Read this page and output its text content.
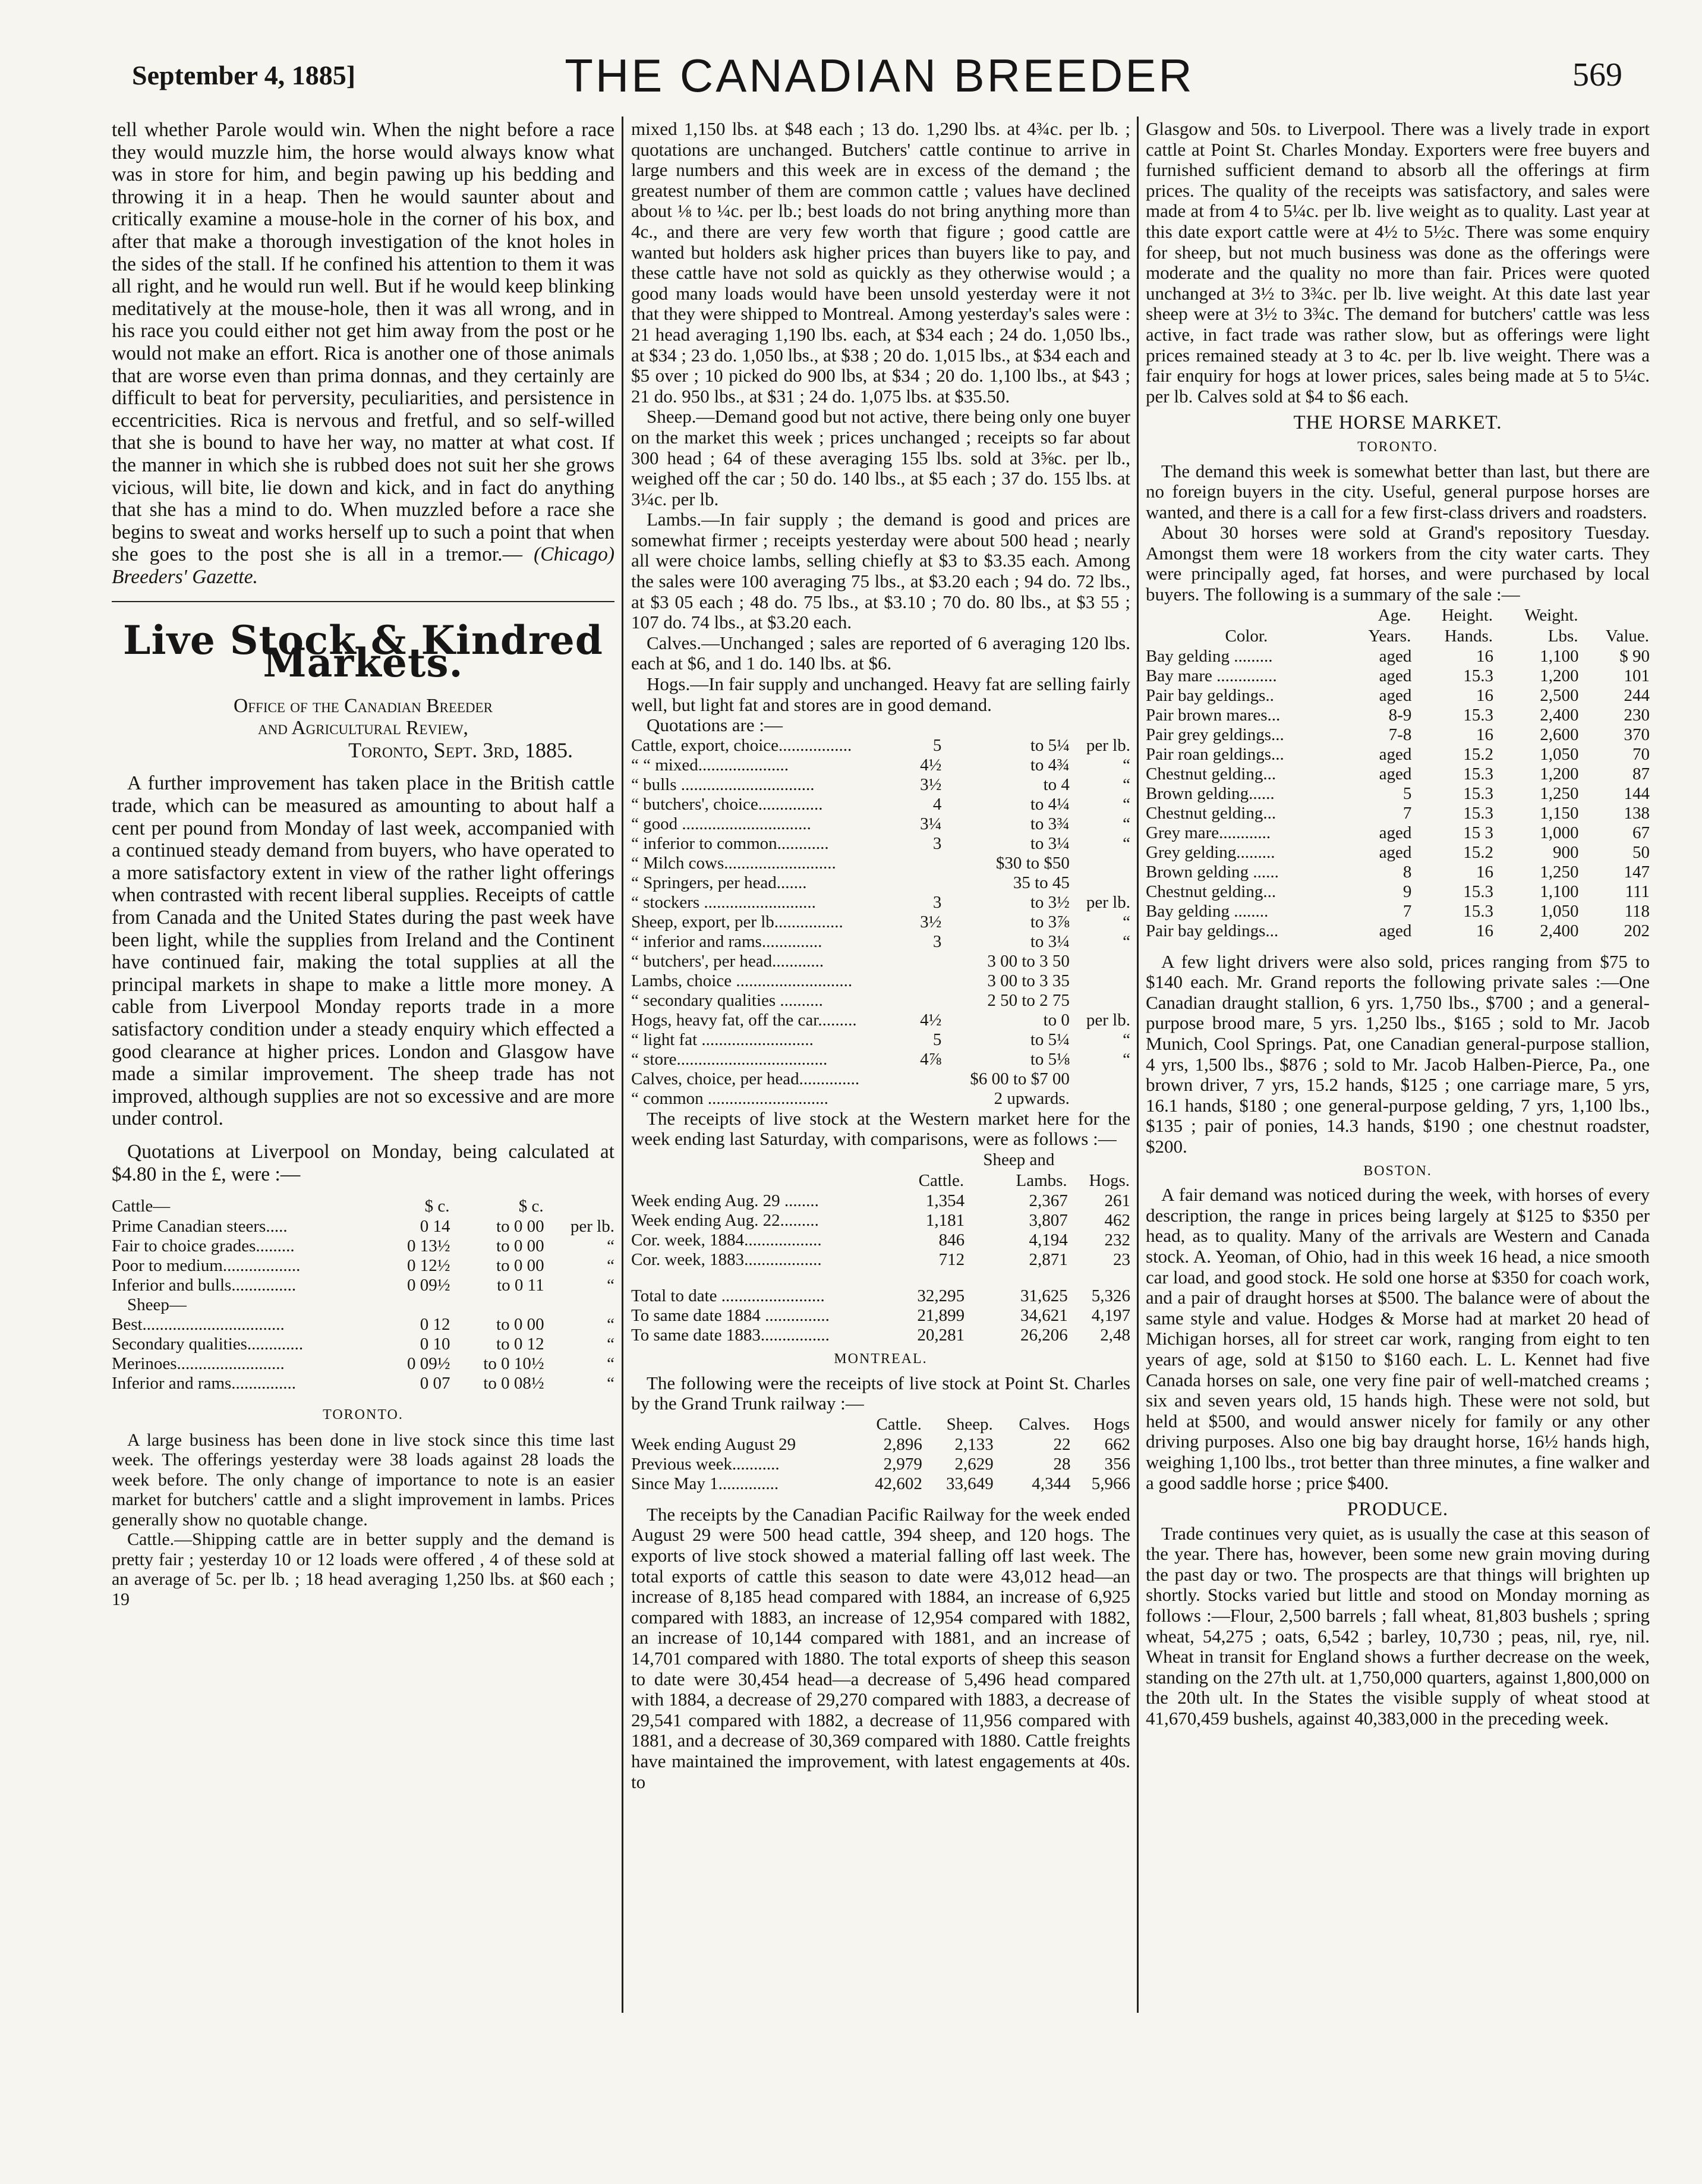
September 4, 1885]	THE CANADIAN BREEDER	569

tell whether Parole would win. When the night before a race they would muzzle him, the horse would always know what was in store for him, and begin pawing up his bedding and throwing it in a heap. Then he would saunter about and critically examine a mouse-hole in the corner of his box, and after that make a thorough investigation of the knot holes in the sides of the stall. If he confined his attention to them it was all right, and he would run well. But if he would keep blinking meditatively at the mouse-hole, then it was all wrong, and in his race you could either not get him away from the post or he would not make an effort. Rica is another one of those animals that are worse even than prima donnas, and they certainly are difficult to beat for perversity, peculiarities, and persistence in eccentricities. Rica is nervous and fretful, and so self-willed that she is bound to have her way, no matter at what cost. If the manner in which she is rubbed does not suit her she grows vicious, will bite, lie down and kick, and in fact do anything that she has a mind to do. When muzzled before a race she begins to sweat and works herself up to such a point that when she goes to the post she is all in a tremor.— (Chicago) Breeders' Gazette.

Live Stock & Kindred Markets.

Office of the Canadian Breeder

and Agricultural Review,

Toronto, Sept. 3rd, 1885.

A further improvement has taken place in the British cattle trade, which can be measured as amounting to about half a cent per pound from Monday of last week, accompanied with a continued steady demand from buyers, who have operated to a more satisfactory extent in view of the rather light offerings when contrasted with recent liberal supplies. Receipts of cattle from Canada and the United States during the past week have been light, while the supplies from Ireland and the Continent have continued fair, making the total supplies at all the principal markets in shape to make a little more money. A cable from Liverpool Monday reports trade in a more satisfactory condition under a steady enquiry which effected a good clearance at higher prices. London and Glasgow have made a similar improvement. The sheep trade has not improved, although supplies are not so excessive and are more under control.

Quotations at Liverpool on Monday, being calculated at $4.80 in the £, were :—

Cattle—	$ c.	$ c.	
Prime Canadian steers.....	0 14	to 0 00	per lb.
Fair to choice grades.........	0 13½	to 0 00	“
Poor to medium..................	0 12½	to 0 00	“
Inferior and bulls...............	0 09½	to 0 11	“
Sheep—			
Best.................................	0 12	to 0 00	“
Secondary qualities.............	0 10	to 0 12	“
Merinoes.........................	0 09½	to 0 10½	“
Inferior and rams...............	0 07	to 0 08½	“
TORONTO.

A large business has been done in live stock since this time last week. The offerings yesterday were 38 loads against 28 loads the week before. The only change of importance to note is an easier market for butchers' cattle and a slight improvement in lambs. Prices generally show no quotable change.

Cattle.—Shipping cattle are in better supply and the demand is pretty fair ; yesterday 10 or 12 loads were offered , 4 of these sold at an average of 5c. per lb. ; 18 head averaging 1,250 lbs. at $60 each ; 19

mixed 1,150 lbs. at $48 each ; 13 do. 1,290 lbs. at 4¾c. per lb. ; quotations are unchanged. Butchers' cattle continue to arrive in large numbers and this week are in excess of the demand ; the greatest number of them are common cattle ; values have declined about ⅛ to ¼c. per lb.; best loads do not bring anything more than 4c., and there are very few worth that figure ; good cattle are wanted but holders ask higher prices than buyers like to pay, and these cattle have not sold as quickly as they otherwise would ; a good many loads would have been unsold yesterday were it not that they were shipped to Montreal. Among yesterday's sales were : 21 head averaging 1,190 lbs. each, at $34 each ; 24 do. 1,050 lbs., at $34 ; 23 do. 1,050 lbs., at $38 ; 20 do. 1,015 lbs., at $34 each and $5 over ; 10 picked do 900 lbs, at $34 ; 20 do. 1,100 lbs., at $43 ; 21 do. 950 lbs., at $31 ; 24 do. 1,075 lbs. at $35.50.

Sheep.—Demand good but not active, there being only one buyer on the market this week ; prices unchanged ; receipts so far about 300 head ; 64 of these averaging 155 lbs. sold at 3⅝c. per lb., weighed off the car ; 50 do. 140 lbs., at $5 each ; 37 do. 155 lbs. at 3¼c. per lb.

Lambs.—In fair supply ; the demand is good and prices are somewhat firmer ; receipts yesterday were about 500 head ; nearly all were choice lambs, selling chiefly at $3 to $3.35 each. Among the sales were 100 averaging 75 lbs., at $3.20 each ; 94 do. 72 lbs., at $3 05 each ; 48 do. 75 lbs., at $3.10 ; 70 do. 80 lbs., at $3 55 ; 107 do. 74 lbs., at $3.20 each.

Calves.—Unchanged ; sales are reported of 6 averaging 120 lbs. each at $6, and 1 do. 140 lbs. at $6.

Hogs.—In fair supply and unchanged. Heavy fat are selling fairly well, but light fat and stores are in good demand.

Quotations are :—

Cattle, export, choice.................	5	to 5¼	per lb.
“ “ mixed.....................	4½	to 4¾	“
“ bulls ...............................	3½	to 4	“
“ butchers', choice...............	4	to 4¼	“
“ good ..............................	3¼	to 3¾	“
“ inferior to common............	3	to 3¼	“
“ Milch cows..........................		$30 to $50	
“ Springers, per head.......		35 to 45	
“ stockers ..........................	3	to 3½	per lb.
Sheep, export, per lb................	3½	to 3⅞	“
“ inferior and rams..............	3	to 3¼	“
“ butchers', per head............		3 00 to 3 50	
Lambs, choice ...........................		3 00 to 3 35	
“ secondary qualities ..........		2 50 to 2 75	
Hogs, heavy fat, off the car.........	4½	to 0	per lb.
“ light fat ..........................	5	to 5¼	“
“ store...................................	4⅞	to 5⅛	“
Calves, choice, per head..............		$6 00 to $7 00	
“ common ............................		2 upwards.	

The receipts of live stock at the Western market here for the week ending last Saturday, with comparisons, were as follows :—

		Sheep and	
	Cattle.	Lambs.	Hogs.
Week ending Aug. 29 ........	1,354	2,367	261
Week ending Aug. 22.........	1,181	3,807	462
Cor. week, 1884..................	846	4,194	232
Cor. week, 1883..................	712	2,871	23

Total to date ........................	32,295	31,625	5,326
To same date 1884 ...............	21,899	34,621	4,197
To same date 1883................	20,281	26,206	2,48
MONTREAL.

The following were the receipts of live stock at Point St. Charles by the Grand Trunk railway :—

	Cattle.	Sheep.	Calves.	Hogs
Week ending August 29	2,896	2,133	22	662
Previous week...........	2,979	2,629	28	356
Since May 1..............	42,602	33,649	4,344	5,966

The receipts by the Canadian Pacific Railway for the week ended August 29 were 500 head cattle, 394 sheep, and 120 hogs. The exports of live stock showed a material falling off last week. The total exports of cattle this season to date were 43,012 head—an increase of 8,185 head compared with 1884, an increase of 6,925 compared with 1883, an increase of 12,954 compared with 1882, an increase of 10,144 compared with 1881, and an increase of 14,701 compared with 1880. The total exports of sheep this season to date were 30,454 head—a decrease of 5,496 head compared with 1884, a decrease of 29,270 compared with 1883, a decrease of 29,541 compared with 1882, a decrease of 11,956 compared with 1881, and a decrease of 30,369 compared with 1880. Cattle freights have maintained the improvement, with latest engagements at 40s. to

Glasgow and 50s. to Liverpool. There was a lively trade in export cattle at Point St. Charles Monday. Exporters were free buyers and furnished sufficient demand to absorb all the offerings at firm prices. The quality of the receipts was satisfactory, and sales were made at from 4 to 5¼c. per lb. live weight as to quality. Last year at this date export cattle were at 4½ to 5½c. There was some enquiry for sheep, but not much business was done as the offerings were moderate and the quality no more than fair. Prices were quoted unchanged at 3½ to 3¾c. per lb. live weight. At this date last year sheep were at 3½ to 3¾c. The demand for butchers' cattle was less active, in fact trade was rather slow, but as offerings were light prices remained steady at 3 to 4c. per lb. live weight. There was a fair enquiry for hogs at lower prices, sales being made at 5 to 5¼c. per lb. Calves sold at $4 to $6 each.

THE HORSE MARKET.
TORONTO.

The demand this week is somewhat better than last, but there are no foreign buyers in the city. Useful, general purpose horses are wanted, and there is a call for a few first-class drivers and roadsters.

About 30 horses were sold at Grand's repository Tuesday. Amongst them were 18 workers from the city water carts. They were principally aged, fat horses, and were purchased by local buyers. The following is a summary of the sale :—

	Age.	Height.	Weight.	
Color.	Years.	Hands.	Lbs.	Value.
Bay gelding .........	aged	16	1,100	$ 90
Bay mare ..............	aged	15.3	1,200	101
Pair bay geldings..	aged	16	2,500	244
Pair brown mares...	8-9	15.3	2,400	230
Pair grey geldings...	7-8	16	2,600	370
Pair roan geldings...	aged	15.2	1,050	70
Chestnut gelding...	aged	15.3	1,200	87
Brown gelding......	5	15.3	1,250	144
Chestnut gelding...	7	15.3	1,150	138
Grey mare............	aged	15 3	1,000	67
Grey gelding.........	aged	15.2	900	50
Brown gelding ......	8	16	1,250	147
Chestnut gelding...	9	15.3	1,100	111
Bay gelding ........	7	15.3	1,050	118
Pair bay geldings...	aged	16	2,400	202

A few light drivers were also sold, prices ranging from $75 to $140 each. Mr. Grand reports the following private sales :—One Canadian draught stallion, 6 yrs. 1,750 lbs., $700 ; and a general-purpose brood mare, 5 yrs. 1,250 lbs., $165 ; sold to Mr. Jacob Munich, Cool Springs. Pat, one Canadian general-purpose stallion, 4 yrs, 1,500 lbs., $876 ; sold to Mr. Jacob Halben-Pierce, Pa., one brown driver, 7 yrs, 15.2 hands, $125 ; one carriage mare, 5 yrs, 16.1 hands, $180 ; one general-purpose gelding, 7 yrs, 1,100 lbs., $135 ; pair of ponies, 14.3 hands, $190 ; one chestnut roadster, $200.

BOSTON.

A fair demand was noticed during the week, with horses of every description, the range in prices being largely at $125 to $350 per head, as to quality. Many of the arrivals are Western and Canada stock. A. Yeoman, of Ohio, had in this week 16 head, a nice smooth car load, and good stock. He sold one horse at $350 for coach work, and a pair of draught horses at $500. The balance were of about the same style and value. Hodges & Morse had at market 20 head of Michigan horses, all for street car work, ranging from eight to ten years of age, sold at $150 to $160 each. L. L. Kennet had five Canada horses on sale, one very fine pair of well-matched creams ; six and seven years old, 15 hands high. These were not sold, but held at $500, and would answer nicely for family or any other driving purposes. Also one big bay draught horse, 16½ hands high, weighing 1,100 lbs., trot better than three minutes, a fine walker and a good saddle horse ; price $400.

PRODUCE.

Trade continues very quiet, as is usually the case at this season of the year. There has, however, been some new grain moving during the past day or two. The prospects are that things will brighten up shortly. Stocks varied but little and stood on Monday morning as follows :—Flour, 2,500 barrels ; fall wheat, 81,803 bushels ; spring wheat, 54,275 ; oats, 6,542 ; barley, 10,730 ; peas, nil, rye, nil. Wheat in transit for England shows a further decrease on the week, standing on the 27th ult. at 1,750,000 quarters, against 1,800,000 on the 20th ult. In the States the visible supply of wheat stood at 41,670,459 bushels, against 40,383,000 in the preceding week.
